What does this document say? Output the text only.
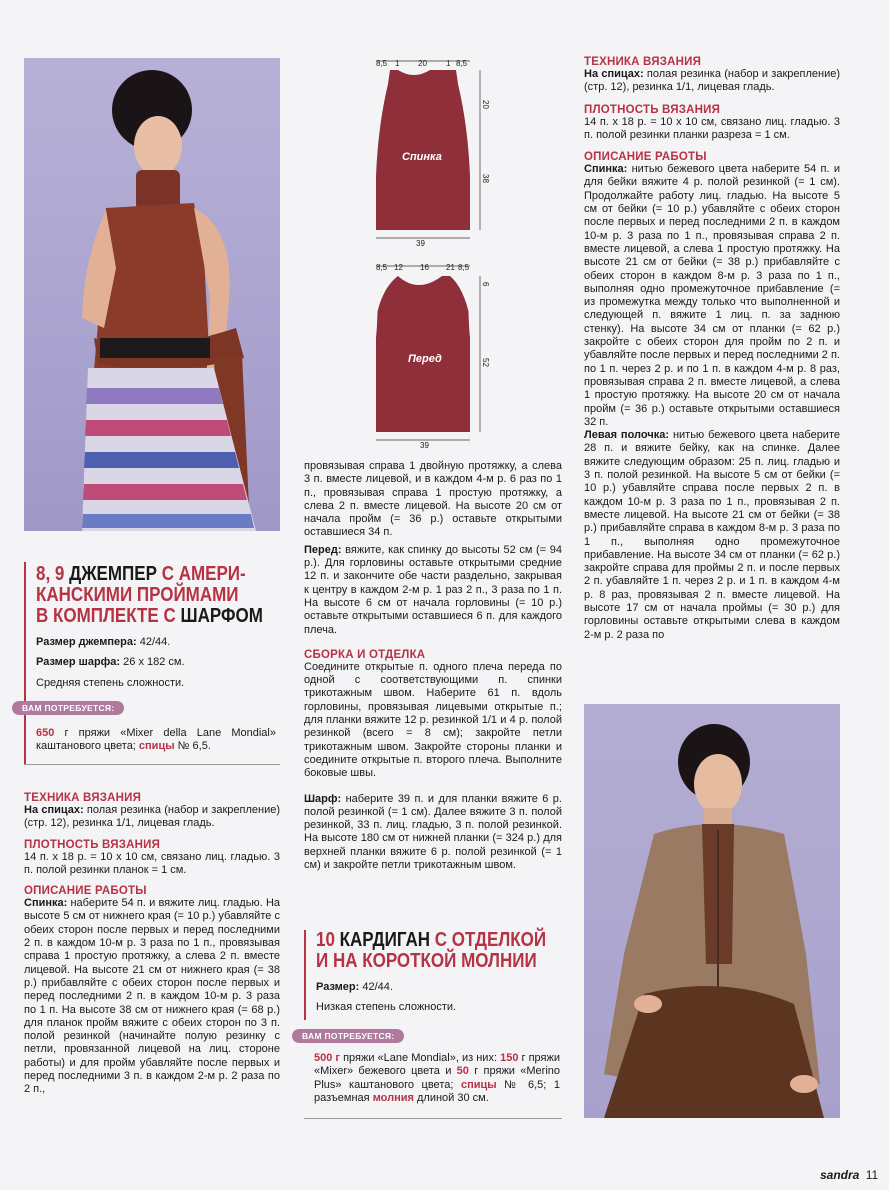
8, 9 ДЖЕМПЕР С АМЕРИ-
КАНСКИМИ ПРОЙМАМИ
В КОМПЛЕКТЕ С ШАРФОМ
Размер джемпера: 42/44.
Размер шарфа: 26 х 182 см.
Средняя степень сложности.
ВАМ ПОТРЕБУЕТСЯ:
650 г пряжи «Mixer della Lane Mondial» каштанового цвета; спицы № 6,5.
ТЕХНИКА ВЯЗАНИЯ
На спицах: полая резинка (набор и закрепление) (стр. 12), резинка 1/1, лицевая гладь.
ПЛОТНОСТЬ ВЯЗАНИЯ
14 п. х 18 р. = 10 х 10 см, связано лиц. гладью. 3 п. полой резинки планок = 1 см.
ОПИСАНИЕ РАБОТЫ
Спинка: наберите 54 п. и вяжите лиц. гладью. На высоте 5 см от нижнего края (= 10 р.) убавляйте с обеих сторон после первых и перед последними 2 п. в каждом 10-м р. 3 раза по 1 п., провязывая справа 1 простую протяжку, а слева 2 п. вместе лицевой. На высоте 21 см от нижнего края (= 38 р.) прибавляйте с обеих сторон после первых и перед последними 2 п. в каждом 10-м р. 3 раза по 1 п. На высоте 38 см от нижнего края (= 68 р.) для планок пройм вяжите с обеих сторон по 3 п. полой резинкой (начинайте полую резинку с петли, провязанной лицевой на лиц. стороне работы) и для пройм убавляйте после первых и перед последними 3 п. в каждом 2-м р. 2 раза по 2 п.,
8,5 1 20 1 8,5
20
38
39
Спинка
8,5 12 16 21 8,5
6
52
39
Перед
провязывая справа 1 двойную протяжку, а слева 3 п. вместе лицевой, и в каждом 4-м р. 6 раз по 1 п., провязывая справа 1 простую протяжку, а слева 2 п. вместе лицевой. На высоте 20 см от начала пройм (= 36 р.) оставьте открытыми оставшиеся 34 п.
Перед: вяжите, как спинку до высоты 52 см (= 94 р.). Для горловины оставьте открытыми средние 12 п. и закончите обе части раздельно, закрывая к центру в каждом 2-м р. 1 раз 2 п., 3 раза по 1 п. На высоте 6 см от начала горловины (= 10 р.) оставьте открытыми оставшиеся 6 п. для каждого плеча.
СБОРКА И ОТДЕЛКА
Соедините открытые п. одного плеча переда по одной с соответствующими п. спинки трикотажным швом. Наберите 61 п. вдоль горловины, провязывая лицевыми открытые п.; для планки вяжите 12 р. резинкой 1/1 и 4 р. полой резинкой (всего = 8 см); закройте петли трикотажным швом. Закройте стороны планки и соедините открытые п. второго плеча. Выполните боковые швы.
Шарф: наберите 39 п. и для планки вяжите 6 р. полой резинкой (= 1 см). Далее вяжите 3 п. полой резинкой, 33 п. лиц. гладью, 3 п. полой резинкой. На высоте 180 см от нижней планки (= 324 р.) для верхней планки вяжите 6 р. полой резинкой (= 1 см) и закройте петли трикотажным швом.
10 КАРДИГАН С ОТДЕЛКОЙ
И НА КОРОТКОЙ МОЛНИИ
Размер: 42/44.
Низкая степень сложности.
ВАМ ПОТРЕБУЕТСЯ:
500 г пряжи «Lane Mondial», из них: 150 г пряжи «Mixer» бежевого цвета и 50 г пряжи «Merino Plus» каштанового цвета; спицы № 6,5; 1 разъемная молния длиной 30 см.
ТЕХНИКА ВЯЗАНИЯ
На спицах: полая резинка (набор и закрепление) (стр. 12), резинка 1/1, лицевая гладь.
ПЛОТНОСТЬ ВЯЗАНИЯ
14 п. х 18 р. = 10 х 10 см, связано лиц. гладью. 3 п. полой резинки планки разреза = 1 см.
ОПИСАНИЕ РАБОТЫ
Спинка: нитью бежевого цвета наберите 54 п. и для бейки вяжите 4 р. полой резинкой (= 1 см). Продолжайте работу лиц. гладью. На высоте 5 см от бейки (= 10 р.) убавляйте с обеих сторон после первых и перед последними 2 п. в каждом 10-м р. 3 раза по 1 п., провязывая справа 2 п. вместе лицевой, а слева 1 простую протяжку. На высоте 21 см от бейки (= 38 р.) прибавляйте с обеих сторон в каждом 8-м р. 3 раза по 1 п., выполняя одно промежуточное прибавление (= из промежутка между только что выполненной и следующей п. вяжите 1 лиц. п. за заднюю стенку). На высоте 34 см от планки (= 62 р.) закройте с обеих сторон для пройм по 2 п. и убавляйте после первых и перед последними 2 п. по 1 п. через 2 р. и по 1 п. в каждом 4-м р. 8 раз, провязывая справа 2 п. вместе лицевой, а слева 1 простую протяжку. На высоте 20 см от начала пройм (= 36 р.) оставьте открытыми оставшиеся 32 п.
Левая полочка: нитью бежевого цвета наберите 28 п. и вяжите бейку, как на спинке. Далее вяжите следующим образом: 25 п. лиц. гладью и 3 п. полой резинкой. На высоте 5 см от бейки (= 10 р.) убавляйте справа после первых 2 п. в каждом 10-м р. 3 раза по 1 п., провязывая 2 п. вместе лицевой. На высоте 21 см от бейки (= 38 р.) прибавляйте справа в каждом 8-м р. 3 раза по 1 п., выполняя одно промежуточное прибавление. На высоте 34 см от планки (= 62 р.) закройте справа для проймы 2 п. и после первых 2 п. убавляйте 1 п. через 2 р. и 1 п. в каждом 4-м р. 8 раз, провязывая 2 п. вместе лицевой. На высоте 17 см от начала проймы (= 30 р.) для горловины оставьте открытыми слева в каждом 2-м р. 2 раза по
sandra 11
